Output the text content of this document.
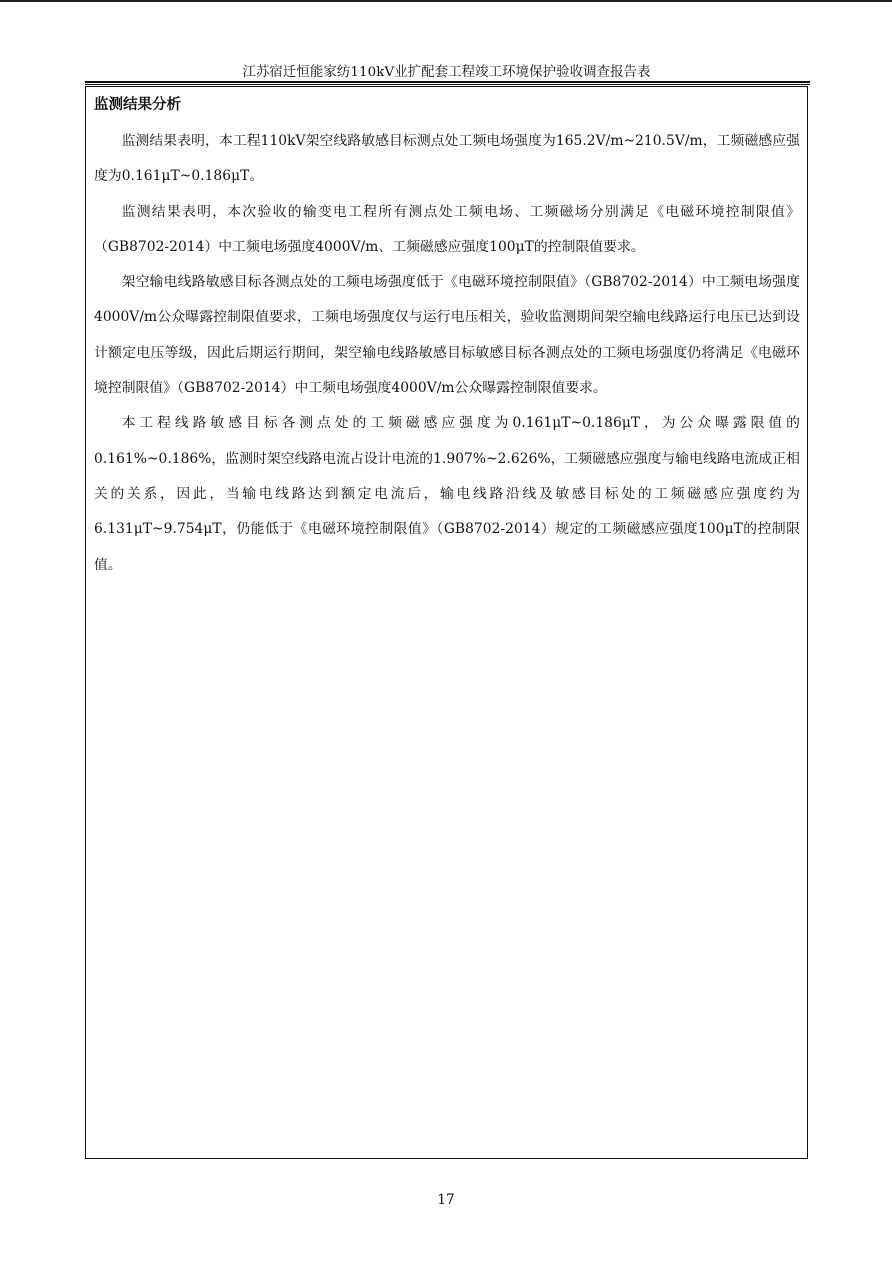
江苏宿迁恒能家纺110kV业扩配套工程竣工环境保护验收调查报告表
监测结果分析

监测结果表明，本工程110kV架空线路敏感目标测点处工频电场强度为165.2V/m~210.5V/m，工频磁感应强度为0.161μT~0.186μT。

监测结果表明，本次验收的输变电工程所有测点处工频电场、工频磁场分别满足《电磁环境控制限值》（GB8702-2014）中工频电场强度4000V/m、工频磁感应强度100μT的控制限值要求。

架空输电线路敏感目标各测点处的工频电场强度低于《电磁环境控制限值》（GB8702-2014）中工频电场强度4000V/m公众曝露控制限值要求，工频电场强度仅与运行电压相关，验收监测期间架空输电线路运行电压已达到设计额定电压等级，因此后期运行期间，架空输电线路敏感目标敏感目标各测点处的工频电场强度仍将满足《电磁环境控制限值》（GB8702-2014）中工频电场强度4000V/m公众曝露控制限值要求。

本工程线路敏感目标各测点处的工频磁感应强度为0.161μT~0.186μT，为公众曝露限值的0.161%~0.186%，监测时架空线路电流占设计电流的1.907%~2.626%，工频磁感应强度与输电线路电流成正相关的关系，因此，当输电线路达到额定电流后，输电线路沿线及敏感目标处的工频磁感应强度约为6.131μT~9.754μT，仍能低于《电磁环境控制限值》（GB8702-2014）规定的工频磁感应强度100μT的控制限值。

17
